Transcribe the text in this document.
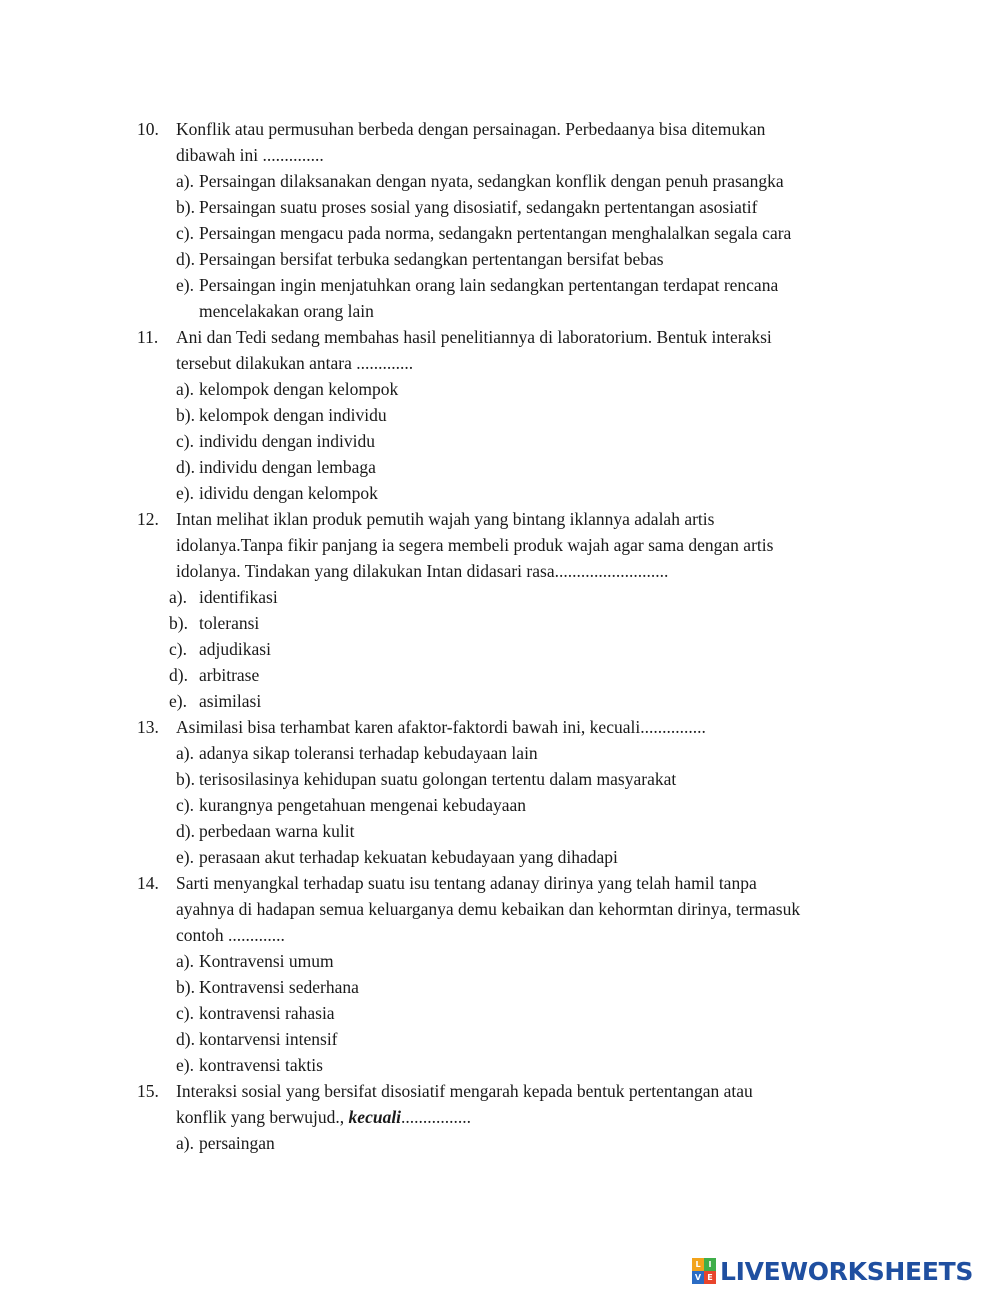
10. Konflik atau permusuhan berbeda dengan persainagan. Perbedaanya bisa ditemukan
dibawah ini ..............
a). Persaingan dilaksanakan dengan nyata, sedangkan konflik dengan penuh prasangka
b). Persaingan suatu proses sosial yang disosiatif, sedangakn pertentangan asosiatif
c). Persaingan mengacu pada norma, sedangakn pertentangan menghalalkan segala cara
d). Persaingan bersifat terbuka sedangkan pertentangan bersifat bebas
e). Persaingan ingin menjatuhkan orang lain sedangkan pertentangan terdapat rencana
mencelakakan orang lain
11. Ani dan Tedi sedang membahas hasil penelitiannya di laboratorium. Bentuk interaksi
tersebut dilakukan antara .............
a). kelompok dengan kelompok
b). kelompok dengan individu
c). individu dengan individu
d). individu dengan lembaga
e). idividu dengan kelompok
12. Intan melihat iklan produk pemutih wajah yang bintang iklannya adalah artis
idolanya.Tanpa fikir panjang ia segera membeli produk wajah agar sama dengan artis
idolanya. Tindakan yang dilakukan Intan didasari rasa..........................
a). identifikasi
b). toleransi
c). adjudikasi
d). arbitrase
e). asimilasi
13. Asimilasi bisa terhambat karen afaktor-faktordi bawah ini, kecuali...............
a). adanya sikap toleransi terhadap kebudayaan lain
b). terisosilasinya kehidupan suatu golongan tertentu dalam masyarakat
c). kurangnya pengetahuan mengenai kebudayaan
d). perbedaan warna kulit
e). perasaan akut terhadap kekuatan kebudayaan yang dihadapi
14. Sarti menyangkal terhadap suatu isu tentang adanay dirinya yang telah hamil tanpa
ayahnya di hadapan semua keluarganya demu kebaikan dan kehormtan dirinya, termasuk
contoh .............
a). Kontravensi umum
b). Kontravensi sederhana
c). kontravensi rahasia
d). kontarvensi intensif
e). kontravensi taktis
15. Interaksi sosial yang bersifat disosiatif mengarah kepada bentuk pertentangan atau
konflik yang berwujud., kecuali................
a). persaingan
L I
V E LIVEWORKSHEETS
